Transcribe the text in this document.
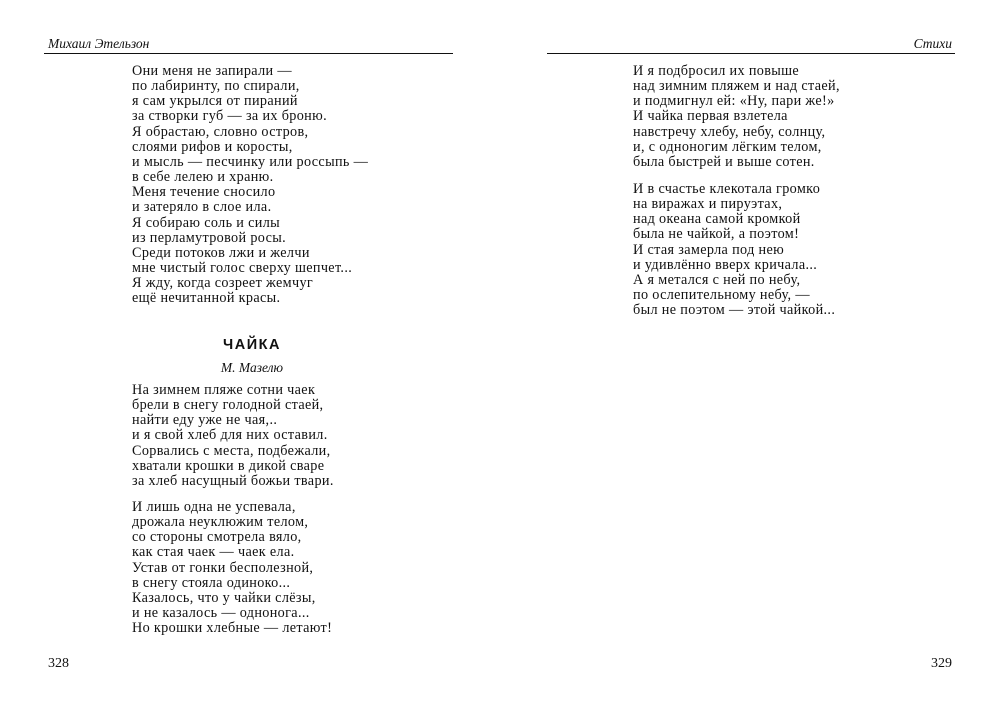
Михаил Этельзон
Они меня не запирали —
по лабиринту, по спирали,
я сам укрылся от пираний
за створки губ — за их броню.
Я обрастаю, словно остров,
слоями рифов и коросты,
и мысль — песчинку или россыпь —
в себе лелею и храню.
Меня течение сносило
и затеряло в слое ила.
Я собираю соль и силы
из перламутровой росы.
Среди потоков лжи и желчи
мне чистый голос сверху шепчет...
Я жду, когда созреет жемчуг
ещё нечитанной красы.
ЧАЙКА
М. Мазелю
На зимнем пляже сотни чаек
брели в снегу голодной стаей,
найти еду уже не чая,..
и я свой хлеб для них оставил.
Сорвались с места, подбежали,
хватали крошки в дикой сваре
за хлеб насущный божьи твари.
И лишь одна не успевала,
дрожала неуклюжим телом,
со стороны смотрела вяло,
как стая чаек — чаек ела.
Устав от гонки бесполезной,
в снегу стояла одиноко...
Казалось, что у чайки слёзы,
и не казалось — однонога...
Но крошки хлебные — летают!
328
Стихи
И я подбросил их повыше
над зимним пляжем и над стаей,
и подмигнул ей: «Ну, пари же!»
И чайка первая взлетела
навстречу хлебу, небу, солнцу,
и, с одноногим лёгким телом,
была быстрей и выше сотен.
И в счастье клекотала громко
на виражах и пируэтах,
над океана самой кромкой
была не чайкой, а поэтом!
И стая замерла под нею
и удивлённо вверх кричала...
А я метался с ней по небу,
по ослепительному небу, —
был не поэтом — этой чайкой...
329
